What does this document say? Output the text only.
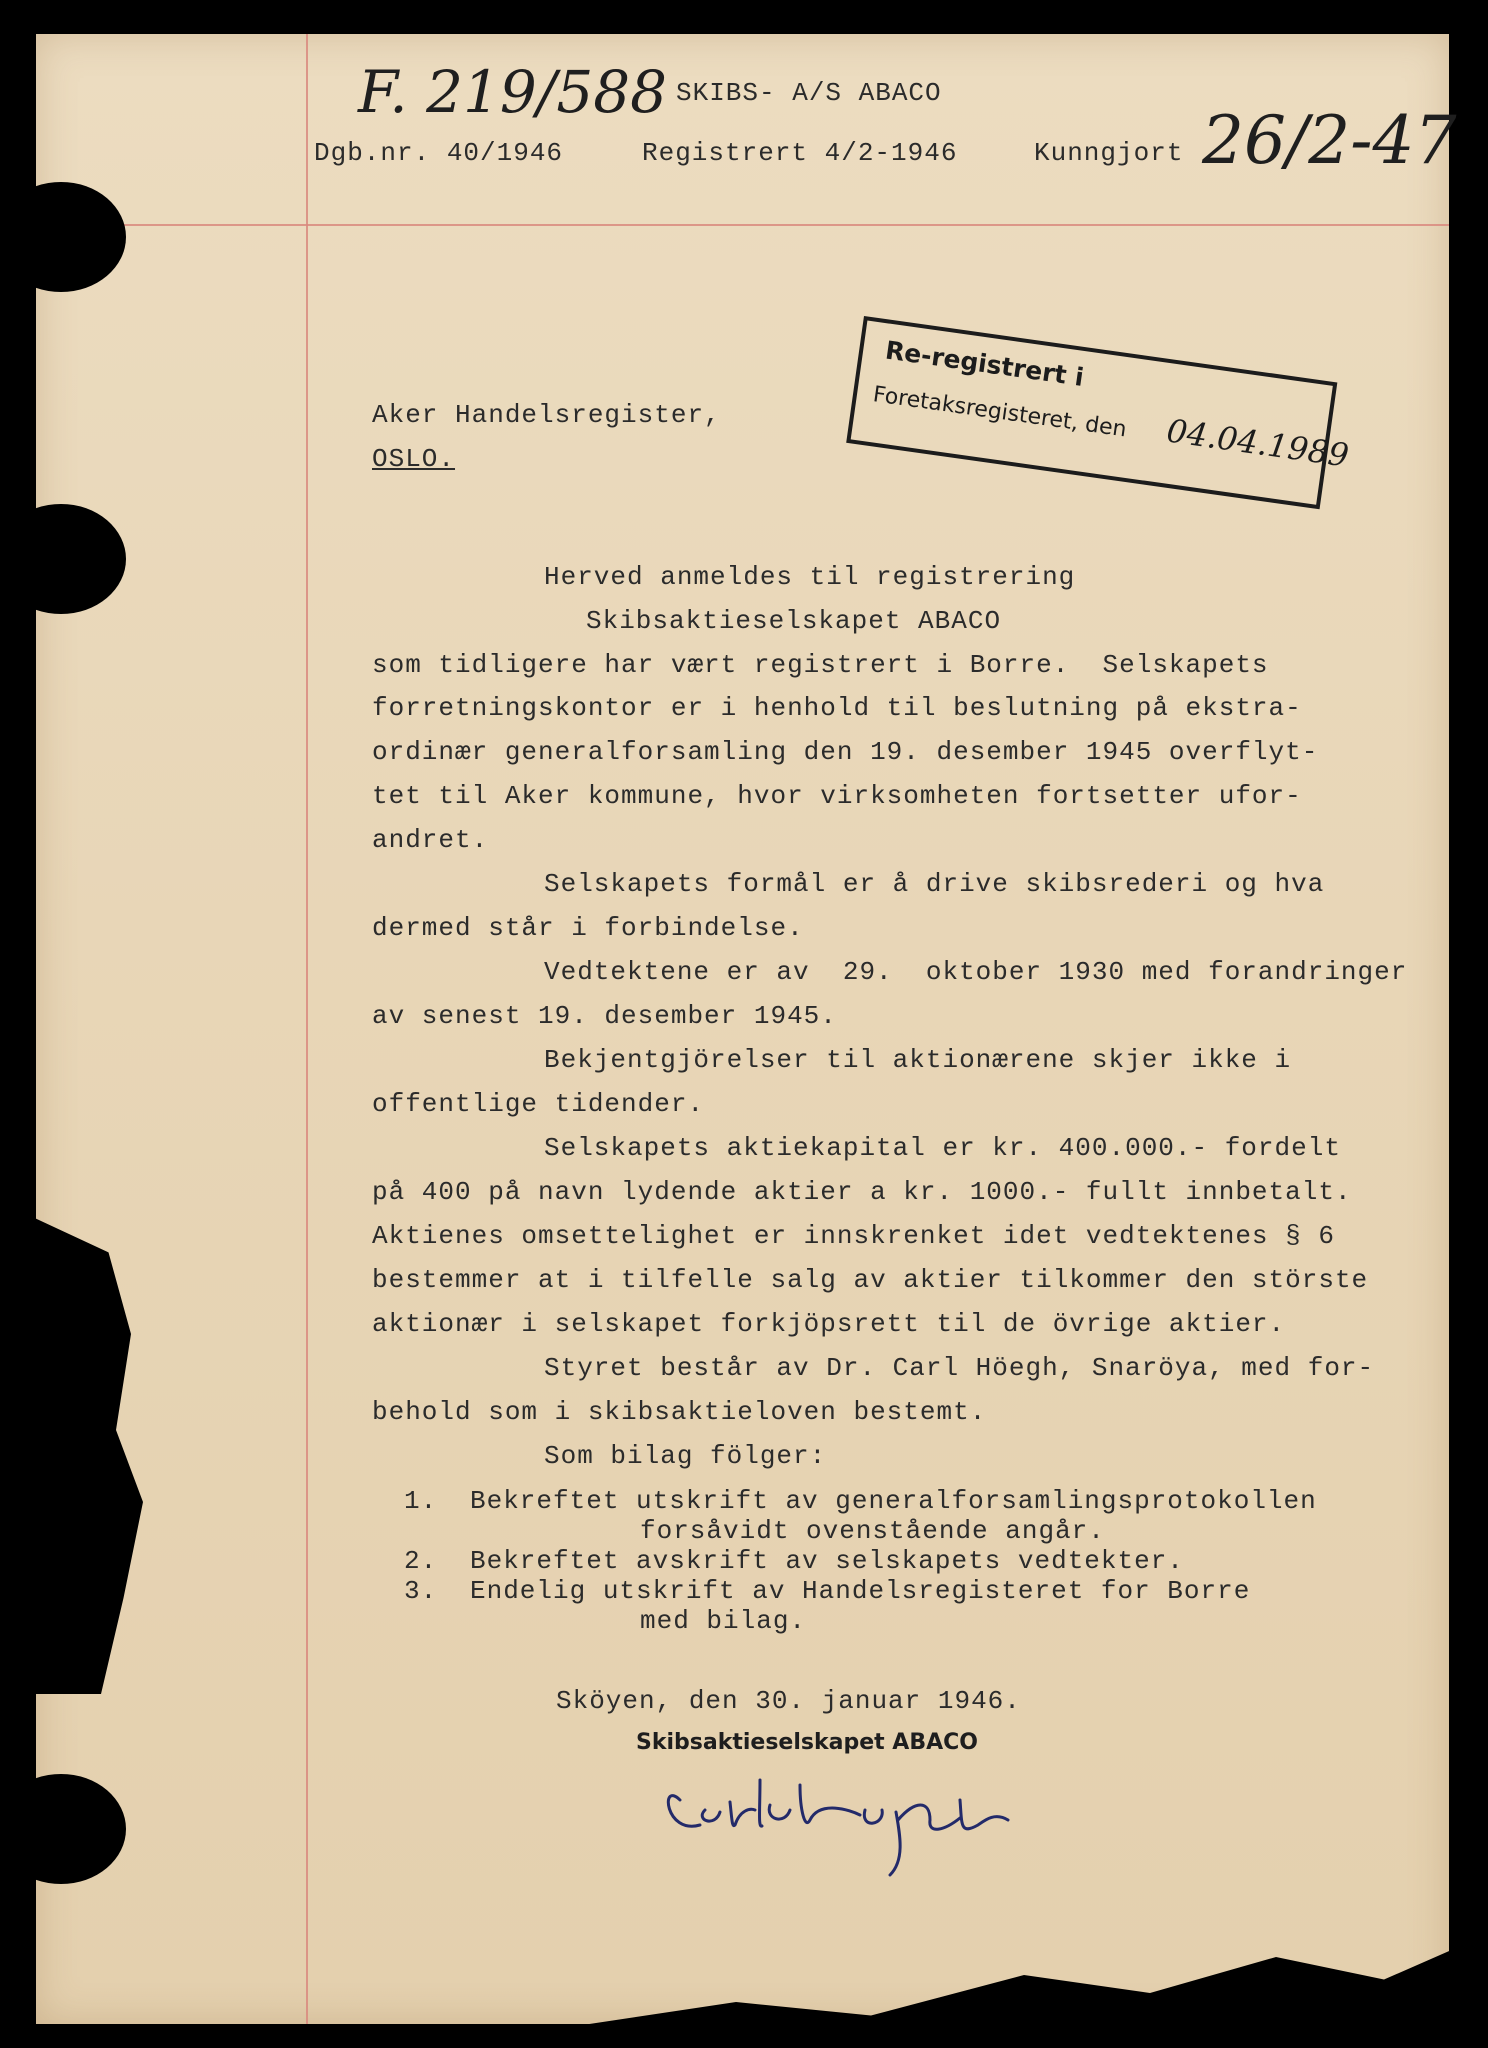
F. 219/588 SKIBS- A/S ABACO
Dgb.nr. 40/1946	Registrert 4/2-1946	Kunngjort 26/2-47
Re-registrert i
Foretaksregisteret, den 04.04.1989
Aker Handelsregister,
OSLO.
Herved anmeldes til registrering
Skibsaktieselskapet ABACO
som tidligere har vært registrert i Borre.  Selskapets
forretningskontor er i henhold til beslutning på ekstra-
ordinær generalforsamling den 19. desember 1945 overflyt-
tet til Aker kommune, hvor virksomheten fortsetter ufor-
andret.
Selskapets formål er å drive skibsrederi og hva
dermed står i forbindelse.
Vedtektene er av  29.  oktober 1930 med forandringer
av senest 19. desember 1945.
Bekjentgjörelser til aktionærene skjer ikke i
offentlige tidender.
Selskapets aktiekapital er kr. 400.000.- fordelt
på 400 på navn lydende aktier a kr. 1000.- fullt innbetalt.
Aktienes omsettelighet er innskrenket idet vedtektenes § 6
bestemmer at i tilfelle salg av aktier tilkommer den störste
aktionær i selskapet forkjöpsrett til de övrige aktier.
Styret består av Dr. Carl Höegh, Snaröya, med for-
behold som i skibsaktieloven bestemt.
Som bilag fölger:
1. Bekreftet utskrift av generalforsamlingsprotokollen
forsåvidt ovenstående angår.
2. Bekreftet avskrift av selskapets vedtekter.
3. Endelig utskrift av Handelsregisteret for Borre
med bilag.
Sköyen, den 30. januar 1946.
Skibsaktieselskapet ABACO
